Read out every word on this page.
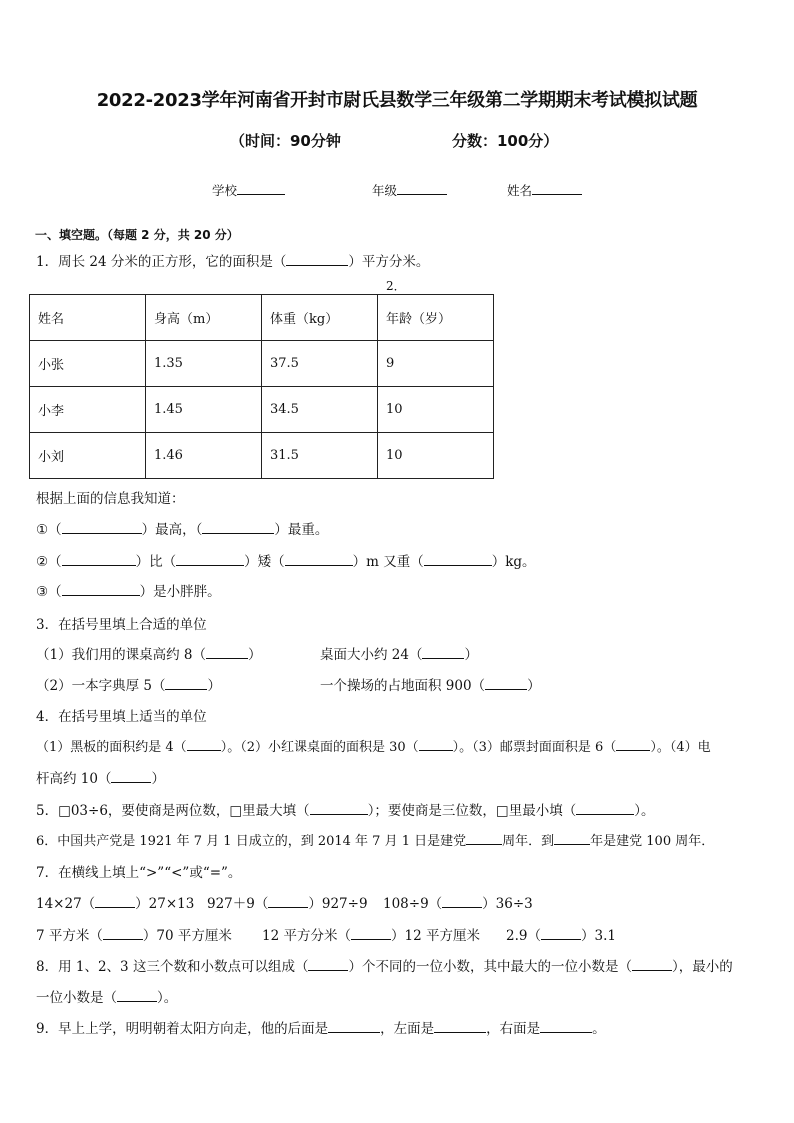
2022-2023学年河南省开封市尉氏县数学三年级第二学期期末考试模拟试题
（时间：90分钟	分数：100分）
学校	年级	姓名
一、填空题。（每题 2 分，共 20 分）
1．周长 24 分米的正方形，它的面积是（	）平方分米。
2．
姓名	身高（m）	体重（kg）	年龄（岁）
小张	1.35	37.5	9
小李	1.45	34.5	10
小刘	1.46	31.5	10
根据上面的信息我知道：
①（	）最高，（	）最重。
②（	）比（	）矮（	）m 又重（	）kg。
③（	）是小胖胖。
3．在括号里填上合适的单位
（1）我们用的课桌高约 8（	）	桌面大小约 24（	）
（2）一本字典厚 5（	）	一个操场的占地面积 900（	）
4．在括号里填上适当的单位
（1）黑板的面积约是 4（	）。（2）小红课桌面的面积是 30（	）。（3）邮票封面面积是 6（	）。（4）电
杆高约 10（	）
5．□03÷6，要使商是两位数，□里最大填（	）；要使商是三位数，□里最小填（	）。
6．中国共产党是 1921 年 7 月 1 日成立的，到 2014 年 7 月 1 日是建党	周年．到	年是建党 100 周年．
7．在横线上填上“>”“<”或“=”。
14×27（	）27×13 927＋9（	）927÷9 108÷9（	）36÷3
7 平方米（	）70 平方厘米 12 平方分米（	）12 平方厘米 2.9（	）3.1
8．用 1、2、3 这三个数和小数点可以组成（	）个不同的一位小数，其中最大的一位小数是（	），最小的
一位小数是（	）。
9．早上上学，明明朝着太阳方向走，他的后面是	，左面是	，右面是	。
